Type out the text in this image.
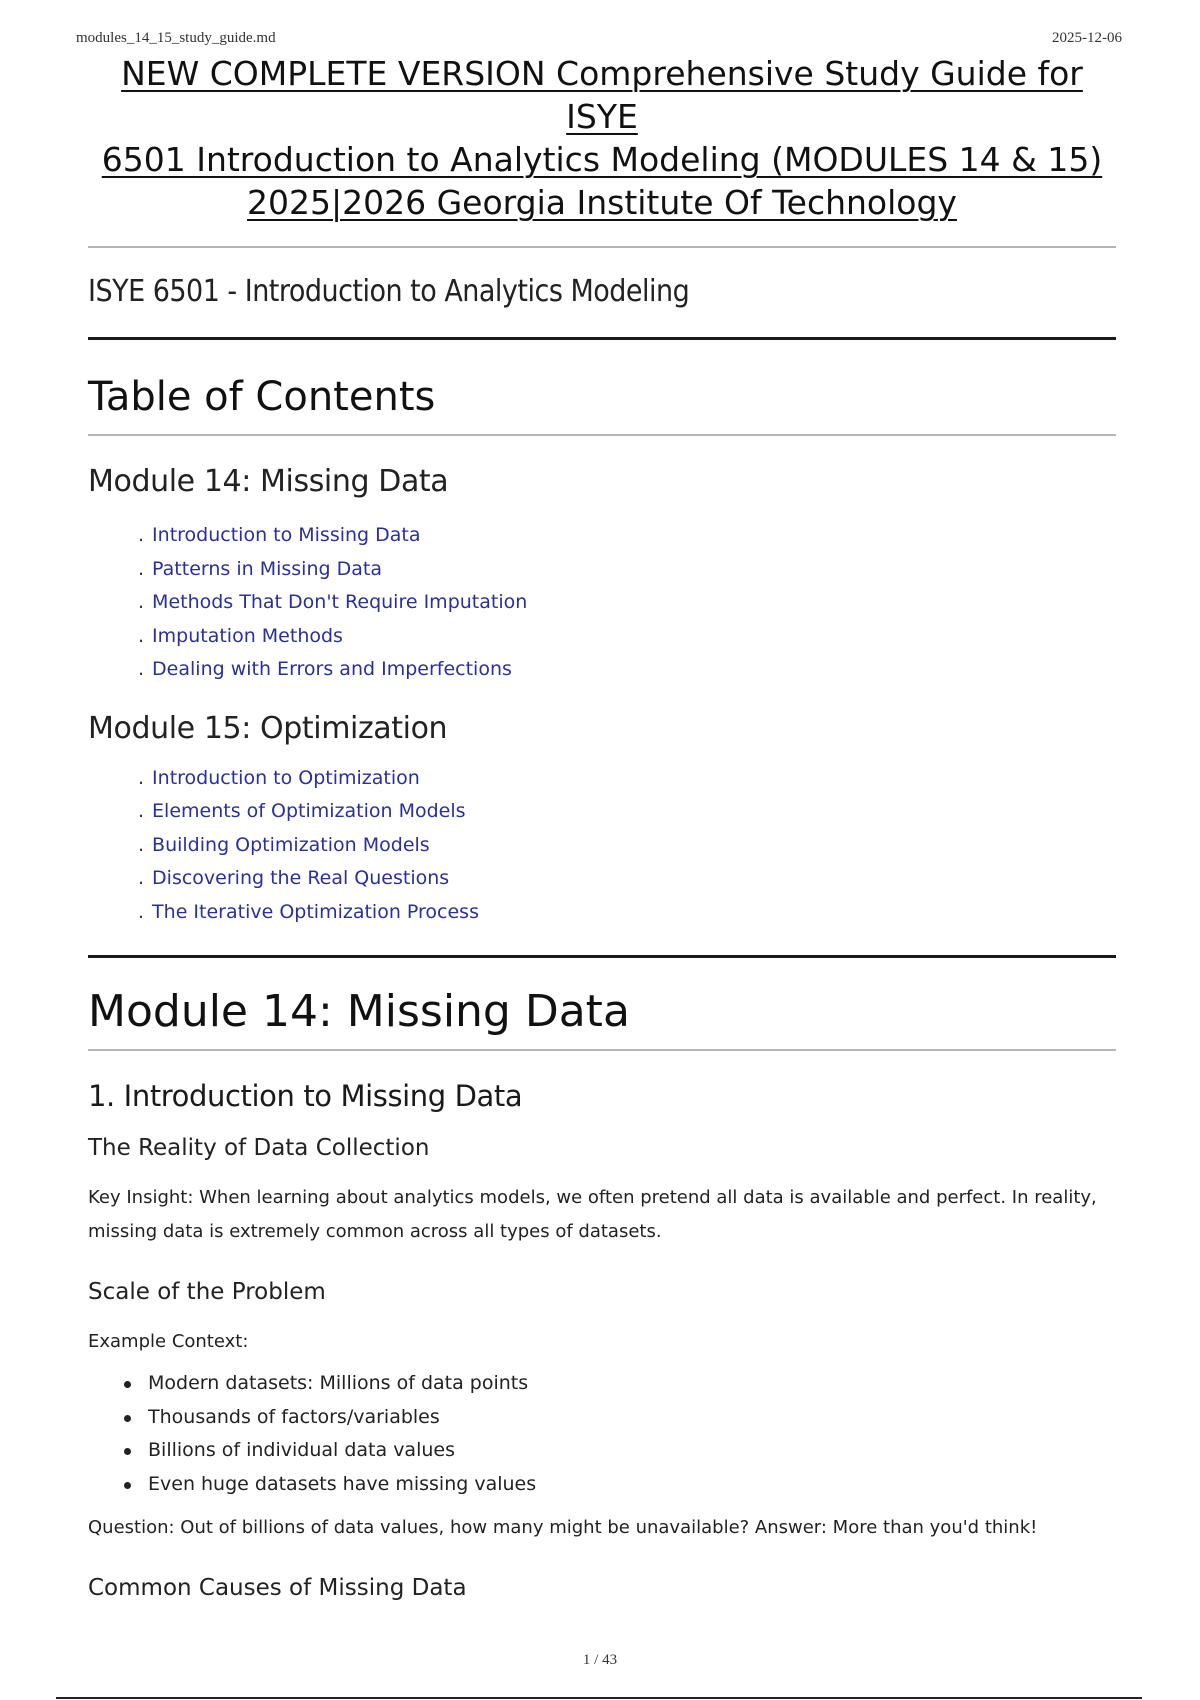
modules_14_15_study_guide.md	2025-12-06
NEW COMPLETE VERSION Comprehensive Study Guide for ISYE
6501 Introduction to Analytics Modeling (MODULES 14 & 15)
2025|2026 Georgia Institute Of Technology
ISYE 6501 - Introduction to Analytics Modeling
Table of Contents
Module 14: Missing Data
. Introduction to Missing Data
. Patterns in Missing Data
. Methods That Don't Require Imputation
. Imputation Methods
. Dealing with Errors and Imperfections
Module 15: Optimization
. Introduction to Optimization
. Elements of Optimization Models
. Building Optimization Models
. Discovering the Real Questions
. The Iterative Optimization Process
Module 14: Missing Data
1. Introduction to Missing Data
The Reality of Data Collection

Key Insight: When learning about analytics models, we often pretend all data is available and perfect. In reality, missing data is extremely common across all types of datasets.

Scale of the Problem

Example Context:

Modern datasets: Millions of data points
Thousands of factors/variables
Billions of individual data values
Even huge datasets have missing values

Question: Out of billions of data values, how many might be unavailable? Answer: More than you'd think!

Common Causes of Missing Data
1 / 43
